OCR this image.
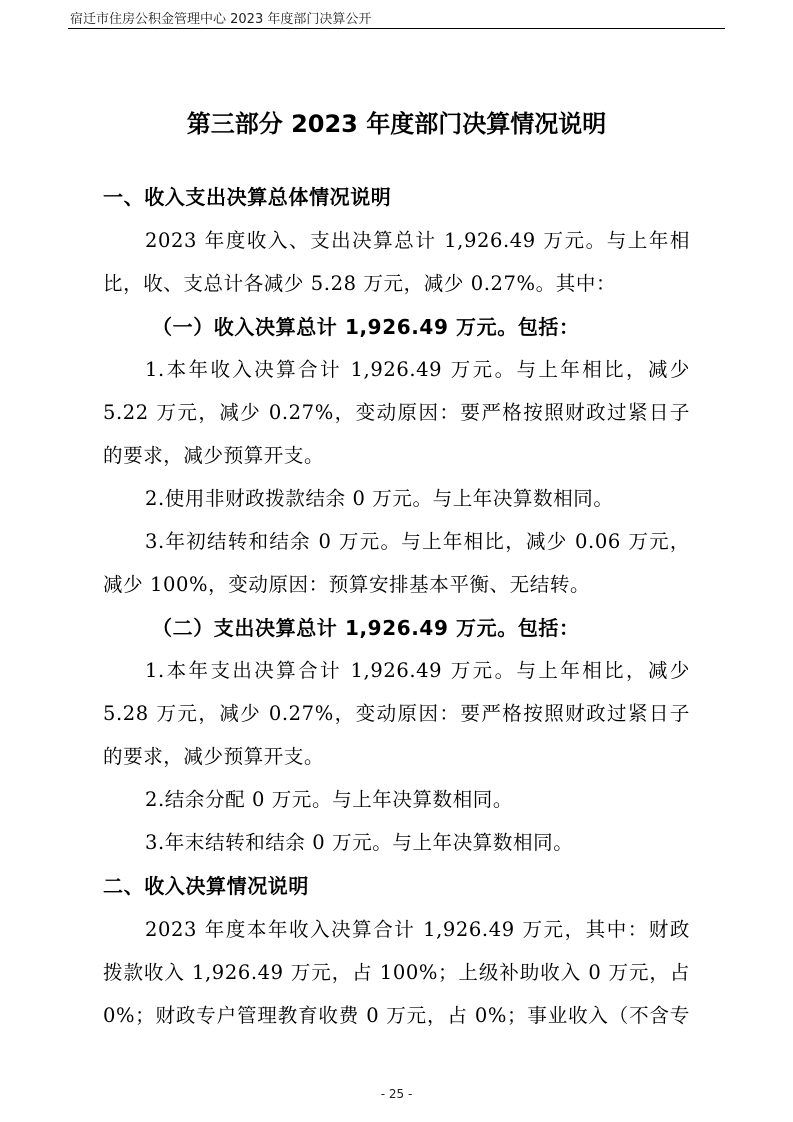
宿迁市住房公积金管理中心 2023 年度部门决算公开
第三部分 2023 年度部门决算情况说明
一、收入支出决算总体情况说明
2023 年度收入、支出决算总计 1,926.49 万元。与上年相
比，收、支总计各减少 5.28 万元，减少 0.27%。其中：
（一）收入决算总计 1,926.49 万元。包括：
1.本年收入决算合计 1,926.49 万元。与上年相比，减少
5.22 万元，减少 0.27%，变动原因：要严格按照财政过紧日子
的要求，减少预算开支。
2.使用非财政拨款结余 0 万元。与上年决算数相同。
3.年初结转和结余 0 万元。与上年相比，减少 0.06 万元，
减少 100%，变动原因：预算安排基本平衡、无结转。
（二）支出决算总计 1,926.49 万元。包括：
1.本年支出决算合计 1,926.49 万元。与上年相比，减少
5.28 万元，减少 0.27%，变动原因：要严格按照财政过紧日子
的要求，减少预算开支。
2.结余分配 0 万元。与上年决算数相同。
3.年末结转和结余 0 万元。与上年决算数相同。
二、收入决算情况说明
2023 年度本年收入决算合计 1,926.49 万元，其中：财政
拨款收入 1,926.49 万元，占 100%；上级补助收入 0 万元，占
0%；财政专户管理教育收费 0 万元，占 0%；事业收入（不含专
- 25 -
